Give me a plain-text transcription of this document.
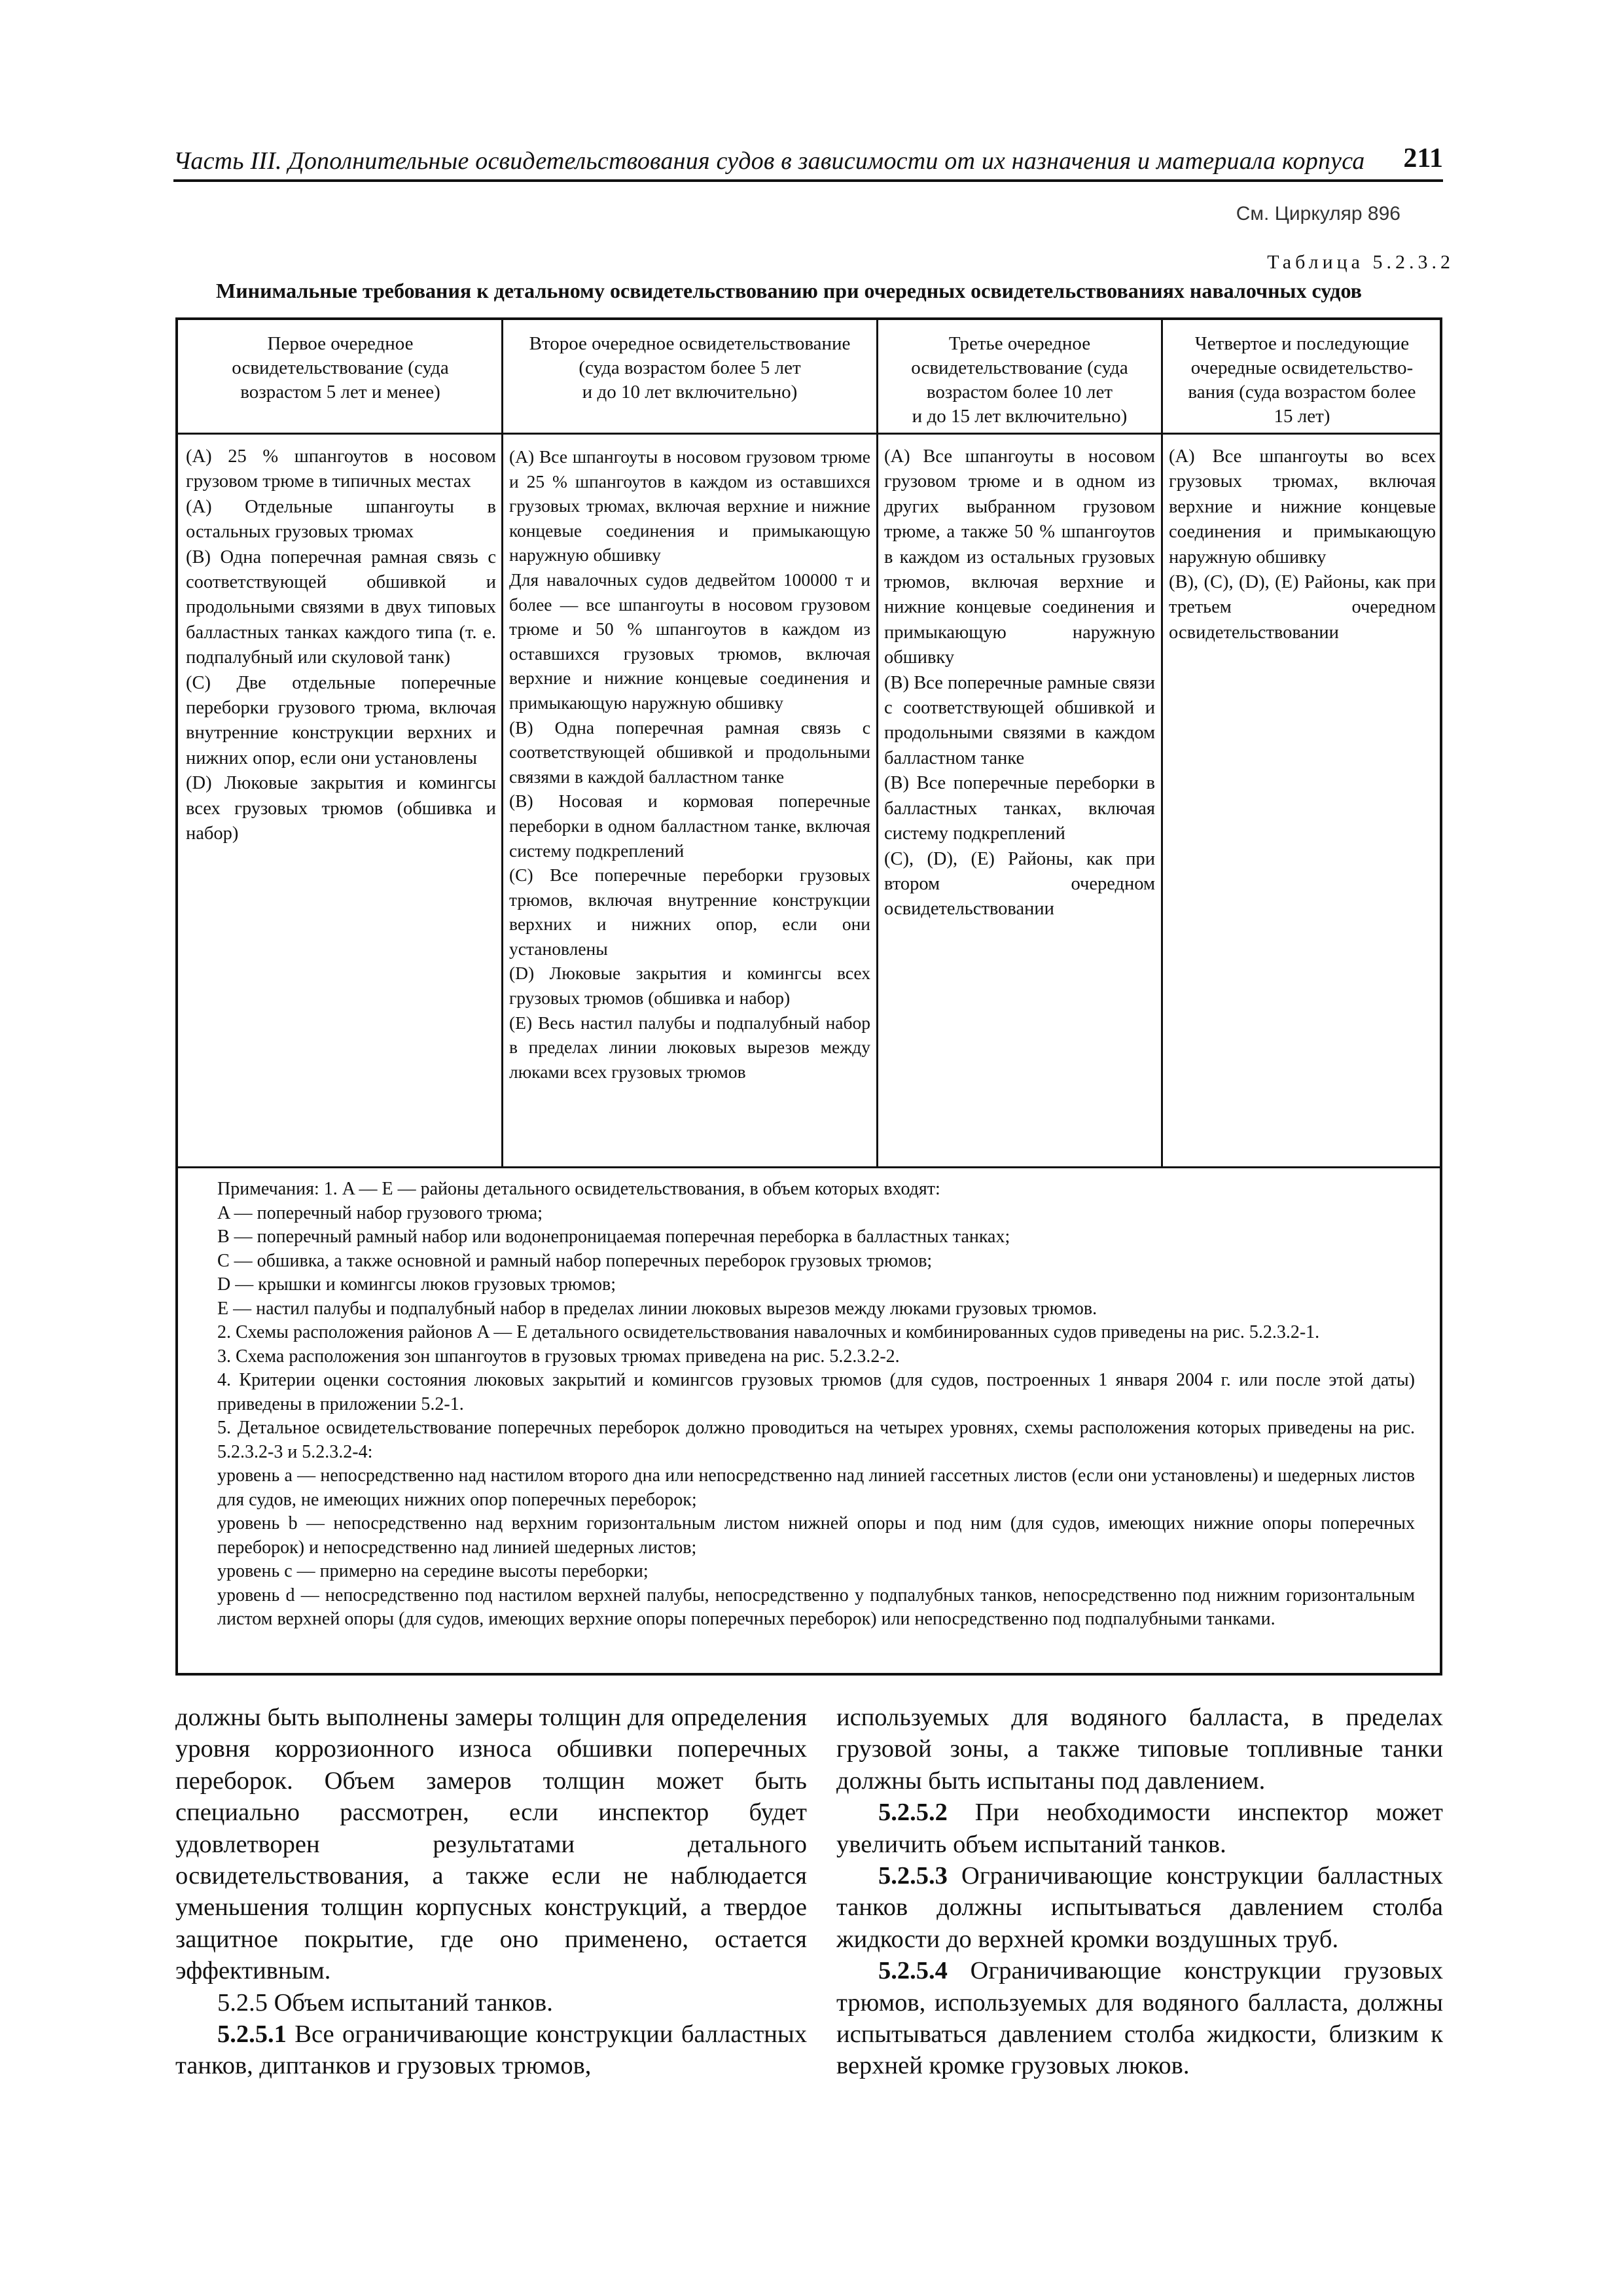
Часть III. Дополнительные освидетельствования судов в зависимости от их назначения и материала корпуса 211
См. Циркуляр 896
Таблица 5.2.3.2
Минимальные требования к детальному освидетельствованию при очередных освидетельствованиях навалочных судов
Первое очередное
освидетельствование (суда
возрастом 5 лет и менее)
Второе очередное освидетельствование
(суда возрастом более 5 лет
и до 10 лет включительно)
Третье очередное
освидетельствование (суда
возрастом более 10 лет
и до 15 лет включительно)
Четвертое и последующие
очередные освидетельство-
вания (суда возрастом более
15 лет)
(A) 25 % шпангоутов в носовом грузовом трюме в типичных местах
(A) Отдельные шпангоуты в остальных грузовых трюмах
(B) Одна поперечная рамная связь с соответствующей обшивкой и продольными связями в двух типовых балластных танках каждого типа (т. е. подпалубный или скуловой танк)
(C) Две отдельные поперечные переборки грузового трюма, включая внутренние конструкции верхних и нижних опор, если они установлены
(D) Люковые закрытия и комингсы всех грузовых трюмов (обшивка и набор)
(A) Все шпангоуты в носовом грузовом трюме и 25 % шпангоутов в каждом из оставшихся грузовых трюмах, включая верхние и нижние концевые соединения и примыкающую наружную обшивку
Для навалочных судов дедвейтом 100000 т и более — все шпангоуты в носовом грузовом трюме и 50 % шпангоутов в каждом из оставшихся грузовых трюмов, включая верхние и нижние концевые соединения и примыкающую наружную обшивку
(B) Одна поперечная рамная связь с соответствующей обшивкой и продольными связями в каждой балластном танке
(B) Носовая и кормовая поперечные переборки в одном балластном танке, включая систему подкреплений
(C) Все поперечные переборки грузовых трюмов, включая внутренние конструкции верхних и нижних опор, если они установлены
(D) Люковые закрытия и комингсы всех грузовых трюмов (обшивка и набор)
(E) Весь настил палубы и подпалубный набор в пределах линии люковых вырезов между люками всех грузовых трюмов
(A) Все шпангоуты в носовом грузовом трюме и в одном из других выбранном грузовом трюме, а также 50 % шпангоутов в каждом из остальных грузовых трюмов, включая верхние и нижние концевые соединения и примыкающую наружную обшивку
(B) Все поперечные рамные связи с соответствующей обшивкой и продольными связями в каждом балластном танке
(B) Все поперечные переборки в балластных танках, включая систему подкреплений
(C), (D), (E) Районы, как при втором очередном освидетельствовании
(A) Все шпангоуты во всех грузовых трюмах, включая верхние и нижние концевые соединения и примыкающую наружную обшивку
(B), (C), (D), (E) Районы, как при третьем очередном освидетельствовании
Примечания: 1. A — E — районы детального освидетельствования, в объем которых входят:
A — поперечный набор грузового трюма;
B — поперечный рамный набор или водонепроницаемая поперечная переборка в балластных танках;
C — обшивка, а также основной и рамный набор поперечных переборок грузовых трюмов;
D — крышки и комингсы люков грузовых трюмов;
E — настил палубы и подпалубный набор в пределах линии люковых вырезов между люками грузовых трюмов.
2. Схемы расположения районов A — E детального освидетельствования навалочных и комбинированных судов приведены на рис. 5.2.3.2-1.
3. Схема расположения зон шпангоутов в грузовых трюмах приведена на рис. 5.2.3.2-2.
4. Критерии оценки состояния люковых закрытий и комингсов грузовых трюмов (для судов, построенных 1 января 2004 г. или после этой даты) приведены в приложении 5.2-1.
5. Детальное освидетельствование поперечных переборок должно проводиться на четырех уровнях, схемы расположения которых приведены на рис. 5.2.3.2-3 и 5.2.3.2-4:
уровень a — непосредственно над настилом второго дна или непосредственно над линией гассетных листов (если они установлены) и шедерных листов для судов, не имеющих нижних опор поперечных переборок;
уровень b — непосредственно над верхним горизонтальным листом нижней опоры и под ним (для судов, имеющих нижние опоры поперечных переборок) и непосредственно над линией шедерных листов;
уровень c — примерно на середине высоты переборки;
уровень d — непосредственно под настилом верхней палубы, непосредственно у подпалубных танков, непосредственно под нижним горизонтальным листом верхней опоры (для судов, имеющих верхние опоры поперечных переборок) или непосредственно под подпалубными танками.

должны быть выполнены замеры толщин для определения уровня коррозионного износа обшивки поперечных переборок. Объем замеров толщин может быть специально рассмотрен, если инспектор будет удовлетворен результатами детального освидетельствования, а также если не наблюдается уменьшения толщин корпусных конструкций, а твердое защитное покрытие, где оно применено, остается эффективным.

5.2.5 Объем испытаний танков.

5.2.5.1 Все ограничивающие конструкции балластных танков, диптанков и грузовых трюмов,

используемых для водяного балласта, в пределах грузовой зоны, а также типовые топливные танки должны быть испытаны под давлением.

5.2.5.2 При необходимости инспектор может увеличить объем испытаний танков.

5.2.5.3 Ограничивающие конструкции балластных танков должны испытываться давлением столба жидкости до верхней кромки воздушных труб.

5.2.5.4 Ограничивающие конструкции грузовых трюмов, используемых для водяного балласта, должны испытываться давлением столба жидкости, близким к верхней кромке грузовых люков.
